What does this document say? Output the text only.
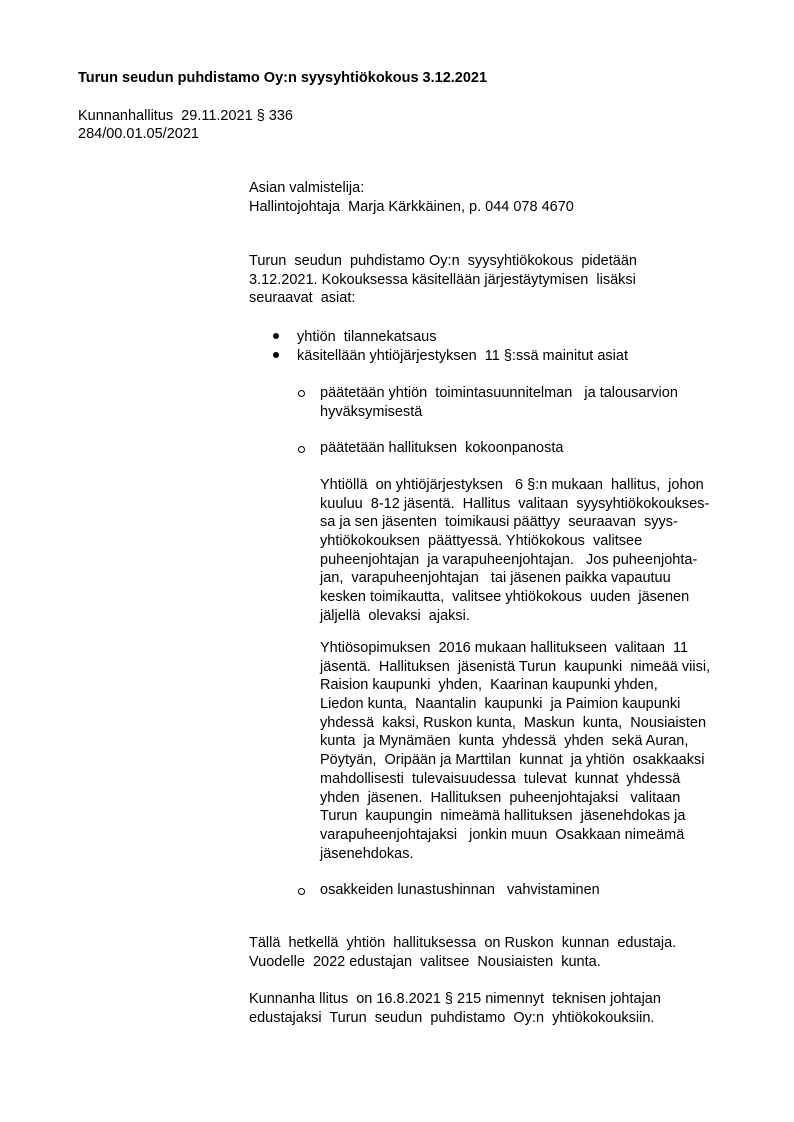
Turun seudun puhdistamo Oy:n syysyhtiökokous 3.12.2021
Kunnanhallitus  29.11.2021 § 336
284/00.01.05/2021
Asian valmistelija:
Hallintojohtaja  Marja Kärkkäinen, p. 044 078 4670
Turun  seudun  puhdistamo Oy:n  syysyhtiökokous  pidetään
3.12.2021. Kokouksessa käsitellään järjestäytymisen  lisäksi
seuraavat  asiat:
yhtiön  tilannekatsaus
käsitellään yhtiöjärjestyksen  11 §:ssä mainitut asiat
päätetään yhtiön  toimintasuunnitelman   ja talousarvion
hyväksymisestä
päätetään hallituksen  kokoonpanosta
Yhtiöllä  on yhtiöjärjestyksen   6 §:n mukaan  hallitus,  johon
kuuluu  8-12 jäsentä.  Hallitus  valitaan  syysyhtiökokoukses-
sa ja sen jäsenten  toimikausi päättyy  seuraavan  syys-
yhtiökokouksen  päättyessä. Yhtiökokous  valitsee
puheenjohtajan  ja varapuheenjohtajan.   Jos puheenjohta-
jan,  varapuheenjohtajan   tai jäsenen paikka vapautuu
kesken toimikautta,  valitsee yhtiökokous  uuden  jäsenen
jäljellä  olevaksi  ajaksi.
Yhtiösopimuksen  2016 mukaan hallitukseen  valitaan  11
jäsentä.  Hallituksen  jäsenistä Turun  kaupunki  nimeää viisi,
Raision kaupunki  yhden,  Kaarinan kaupunki yhden,
Liedon kunta,  Naantalin  kaupunki  ja Paimion kaupunki
yhdessä  kaksi, Ruskon kunta,  Maskun  kunta,  Nousiaisten
kunta  ja Mynämäen  kunta  yhdessä  yhden  sekä Auran,
Pöytyän,  Oripään ja Marttilan  kunnat  ja yhtiön  osakkaaksi
mahdollisesti  tulevaisuudessa  tulevat  kunnat  yhdessä
yhden  jäsenen.  Hallituksen  puheenjohtajaksi   valitaan
Turun  kaupungin  nimeämä hallituksen  jäsenehdokas ja
varapuheenjohtajaksi   jonkin muun  Osakkaan nimeämä
jäsenehdokas.
osakkeiden lunastushinnan   vahvistaminen
Tällä  hetkellä  yhtiön  hallituksessa  on Ruskon  kunnan  edustaja.
Vuodelle  2022 edustajan  valitsee  Nousiaisten  kunta.
Kunnanha llitus  on 16.8.2021 § 215 nimennyt  teknisen johtajan
edustajaksi  Turun  seudun  puhdistamo  Oy:n  yhtiökokouksiin.
